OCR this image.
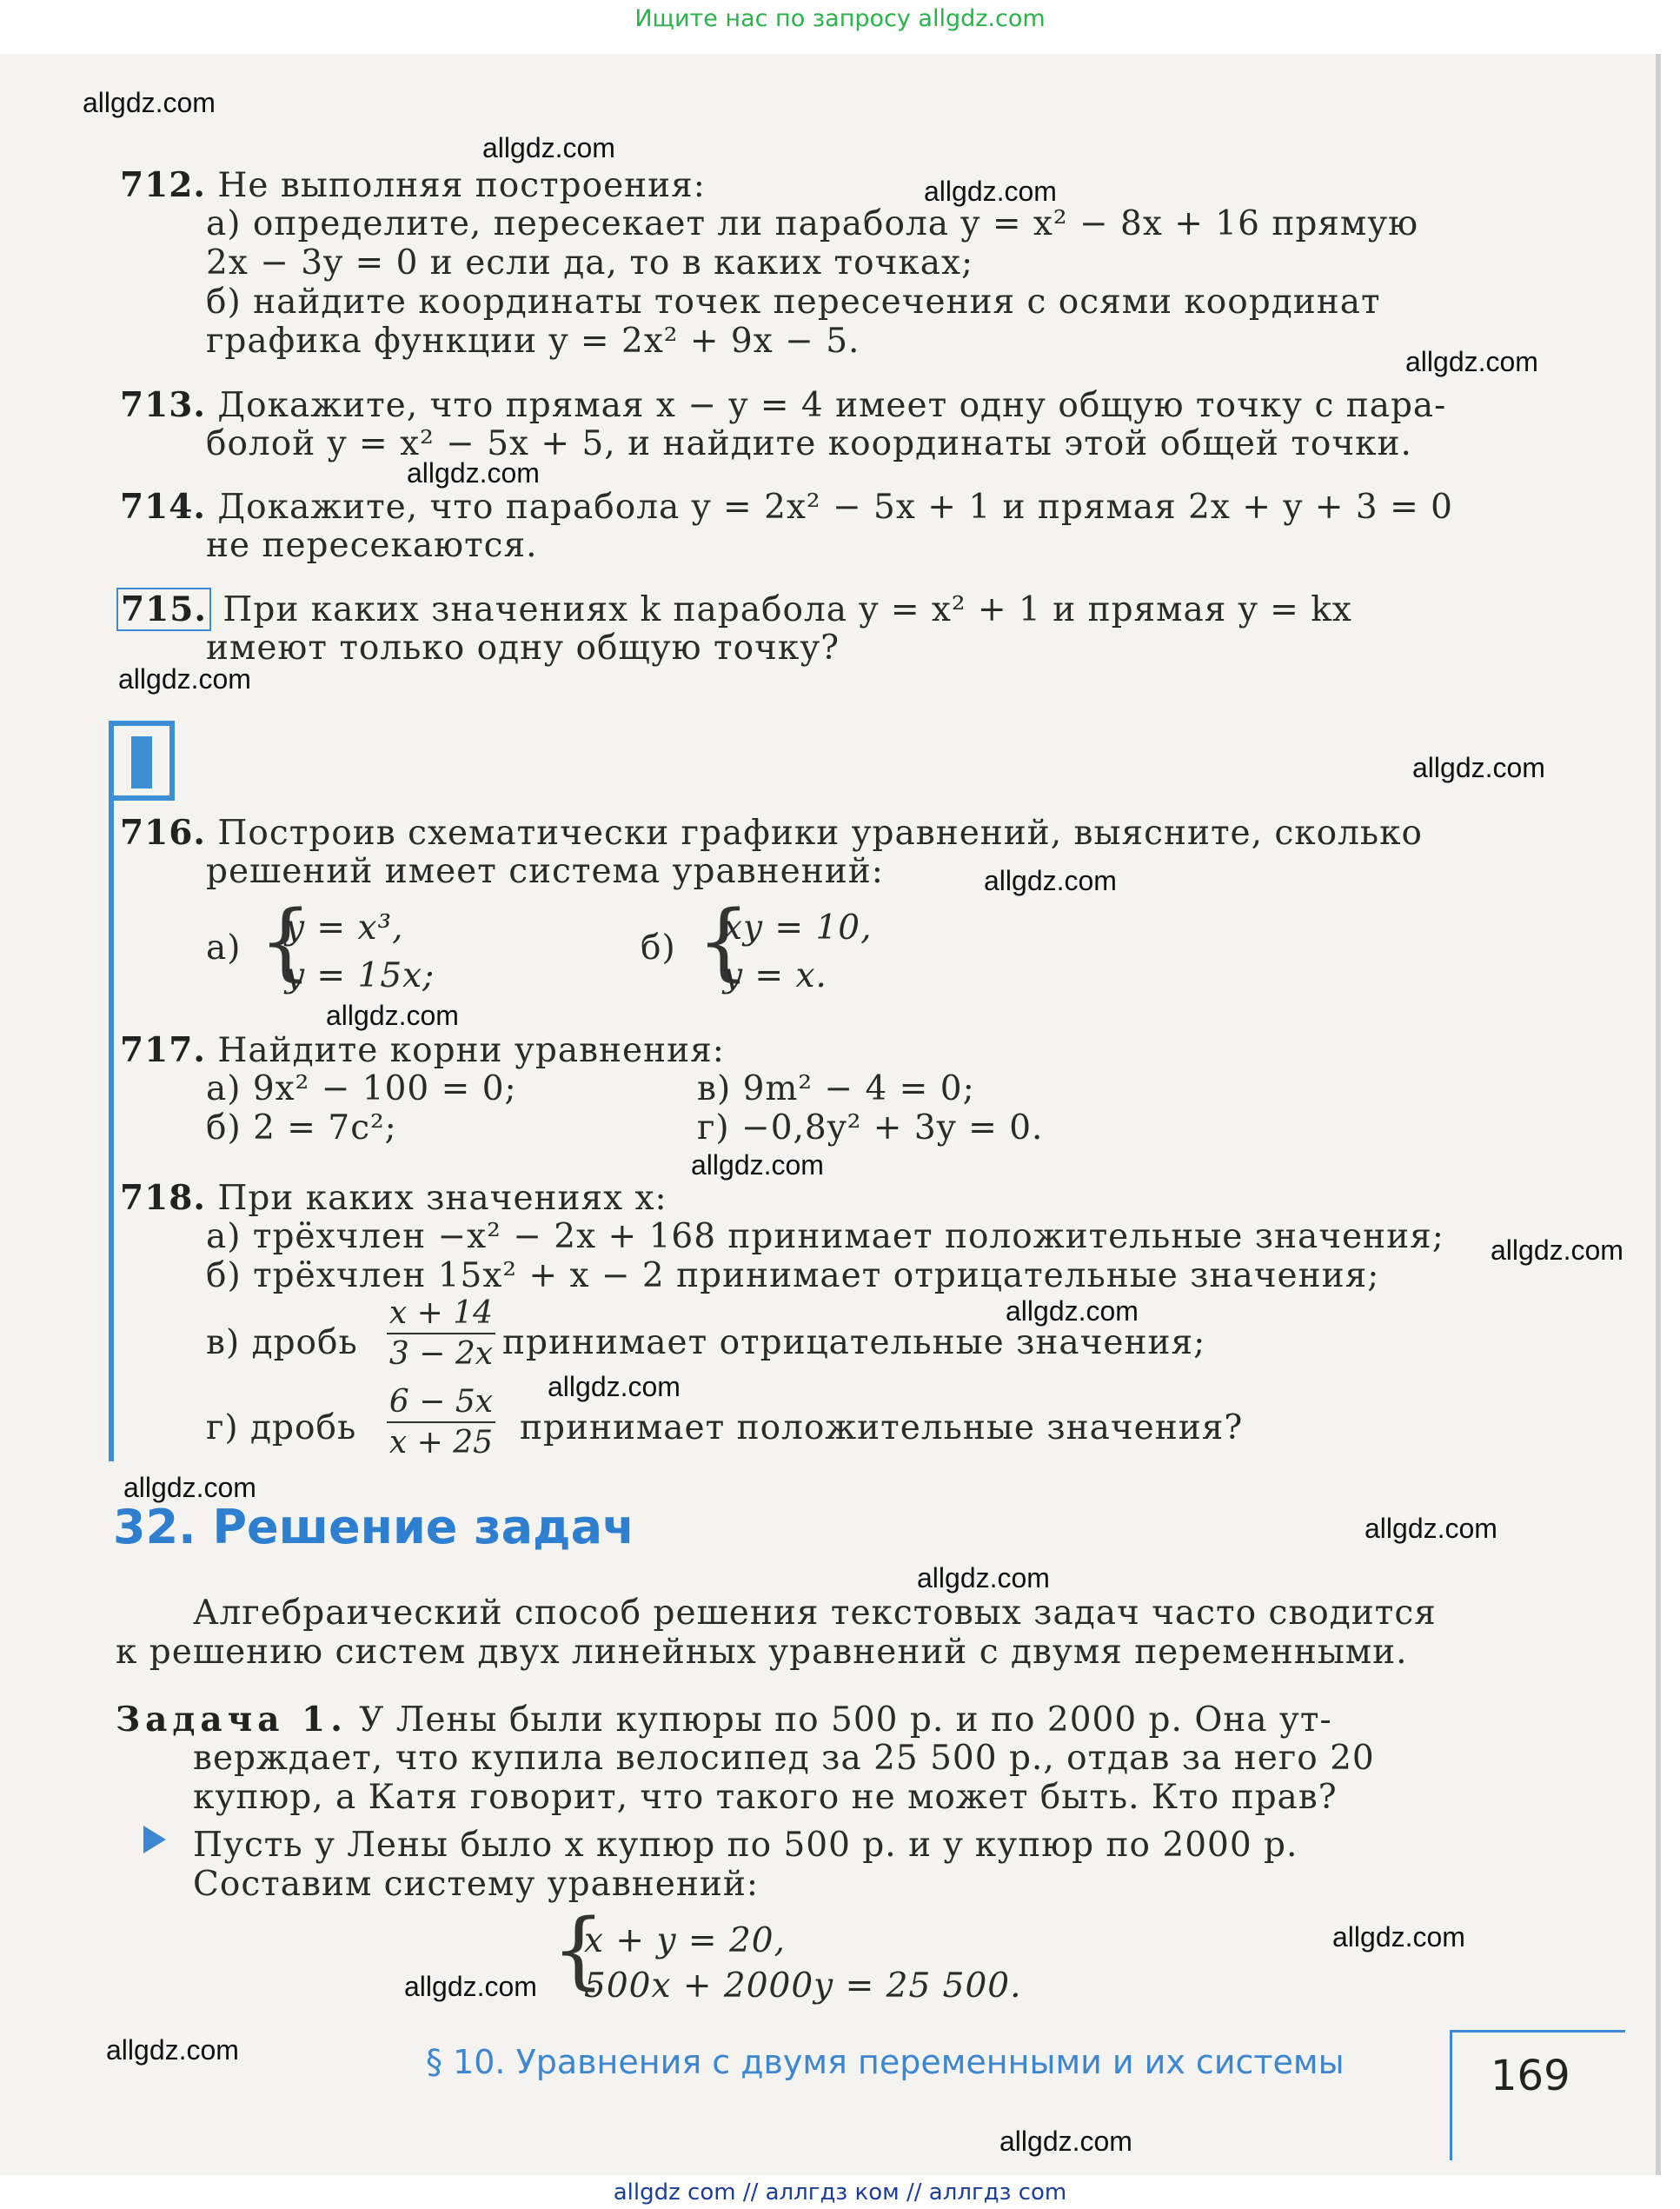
Ищите нас по запросу allgdz.com
allgdz.com
allgdz.com
allgdz.com
allgdz.com
allgdz.com
allgdz.com
allgdz.com
allgdz.com
allgdz.com
allgdz.com
allgdz.com
allgdz.com
allgdz.com
allgdz.com
allgdz.com
allgdz.com
allgdz.com
allgdz.com
allgdz.com
allgdz.com
712. Не выполняя построения:
а) определите, пересекает ли парабола y = x² − 8x + 16 прямую
2x − 3y = 0 и если да, то в каких точках;
б) найдите координаты точек пересечения с осями координат
графика функции y = 2x² + 9x − 5.
713. Докажите, что прямая x − y = 4 имеет одну общую точку с пара-
болой y = x² − 5x + 5, и найдите координаты этой общей точки.
714. Докажите, что парабола y = 2x² − 5x + 1 и прямая 2x + y + 3 = 0
не пересекаются.
715. При каких значениях k парабола y = x² + 1 и прямая y = kx
имеют только одну общую точку?
716. Построив схематически графики уравнений, выясните, сколько
решений имеет система уравнений:
а) {
y = x³,
y = 15x;
б) {
xy = 10,
y = x.
717. Найдите корни уравнения:
а) 9x² − 100 = 0;	в) 9m² − 4 = 0;
б) 2 = 7c²;	г) −0,8y² + 3y = 0.
718. При каких значениях x:
а) трёхчлен −x² − 2x + 168 принимает положительные значения;
б) трёхчлен 15x² + x − 2 принимает отрицательные значения;
в) дробь
x + 14
3 − 2x принимает отрицательные значения;
г) дробь
6 − 5x
x + 25 принимает положительные значения?
32. Решение задач
Алгебраический способ решения текстовых задач часто сводится
к решению систем двух линейных уравнений с двумя переменными.
Задача 1. У Лены были купюры по 500 р. и по 2000 р. Она ут-
верждает, что купила велосипед за 25 500 р., отдав за него 20
купюр, а Катя говорит, что такого не может быть. Кто прав?
Пусть у Лены было x купюр по 500 р. и y купюр по 2000 р.
Составим систему уравнений:
{
x + y = 20,
500x + 2000y = 25 500.
§ 10. Уравнения с двумя переменными и их системы	169
allgdz com // аллгдз ком // аллгдз com
